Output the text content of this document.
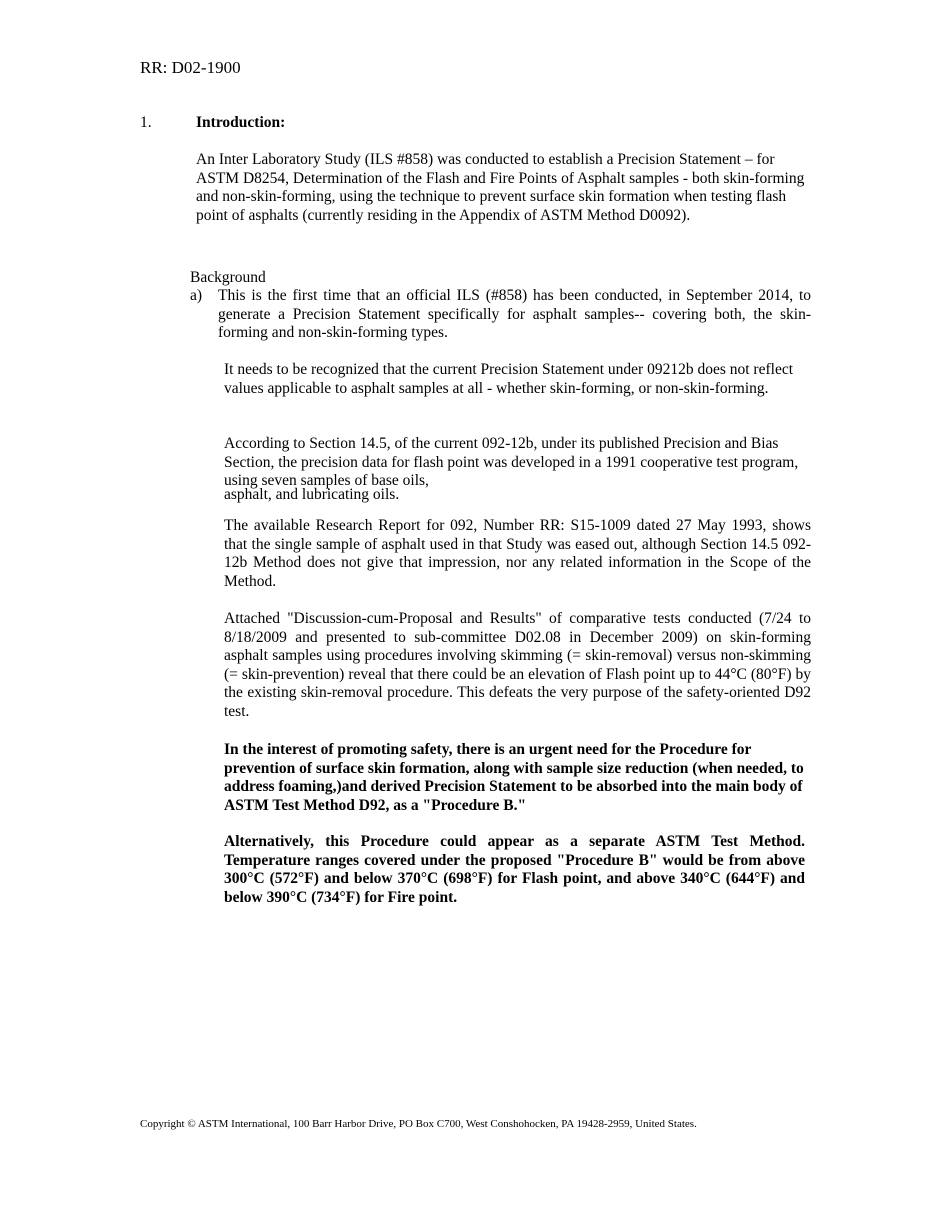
RR: D02-1900
1.	Introduction:

An Inter Laboratory Study (ILS #858) was conducted to establish a Precision Statement – for ASTM D8254, Determination of the Flash and Fire Points of Asphalt samples - both skin-forming and non-skin-forming, using the technique to prevent surface skin formation when testing flash point of asphalts (currently residing in the Appendix of ASTM Method D0092).

Background
a) This is the first time that an official ILS (#858) has been conducted, in September 2014, to generate a Precision Statement specifically for asphalt samples-- covering both, the skin-forming and non-skin-forming types.

It needs to be recognized that the current Precision Statement under 09212b does not reflect values applicable to asphalt samples at all - whether skin-forming, or non-skin-forming.

According to Section 14.5, of the current 092-12b, under its published Precision and Bias Section, the precision data for flash point was developed in a 1991 cooperative test program, using seven samples of base oils,

asphalt, and lubricating oils.

The available Research Report for 092, Number RR: S15-1009 dated 27 May 1993, shows that the single sample of asphalt used in that Study was eased out, although Section 14.5 092-12b Method does not give that impression, nor any related information in the Scope of the Method.

Attached "Discussion-cum-Proposal and Results" of comparative tests conducted (7/24 to 8/18/2009 and presented to sub-committee D02.08 in December 2009) on skin-forming asphalt samples using procedures involving skimming (= skin-removal) versus non-skimming (= skin-prevention) reveal that there could be an elevation of Flash point up to 44°C (80°F) by the existing skin-removal procedure. This defeats the very purpose of the safety-oriented D92 test.

In the interest of promoting safety, there is an urgent need for the Procedure for prevention of surface skin formation, along with sample size reduction (when needed, to address foaming,)and derived Precision Statement to be absorbed into the main body of ASTM Test Method D92, as a "Procedure B."

Alternatively, this Procedure could appear as a separate ASTM Test Method. Temperature ranges covered under the proposed "Procedure B" would be from above 300°C (572°F) and below 370°C (698°F) for Flash point, and above 340°C (644°F) and below 390°C (734°F) for Fire point.

Copyright © ASTM International, 100 Barr Harbor Drive, PO Box C700, West Conshohocken, PA 19428-2959, United States.
